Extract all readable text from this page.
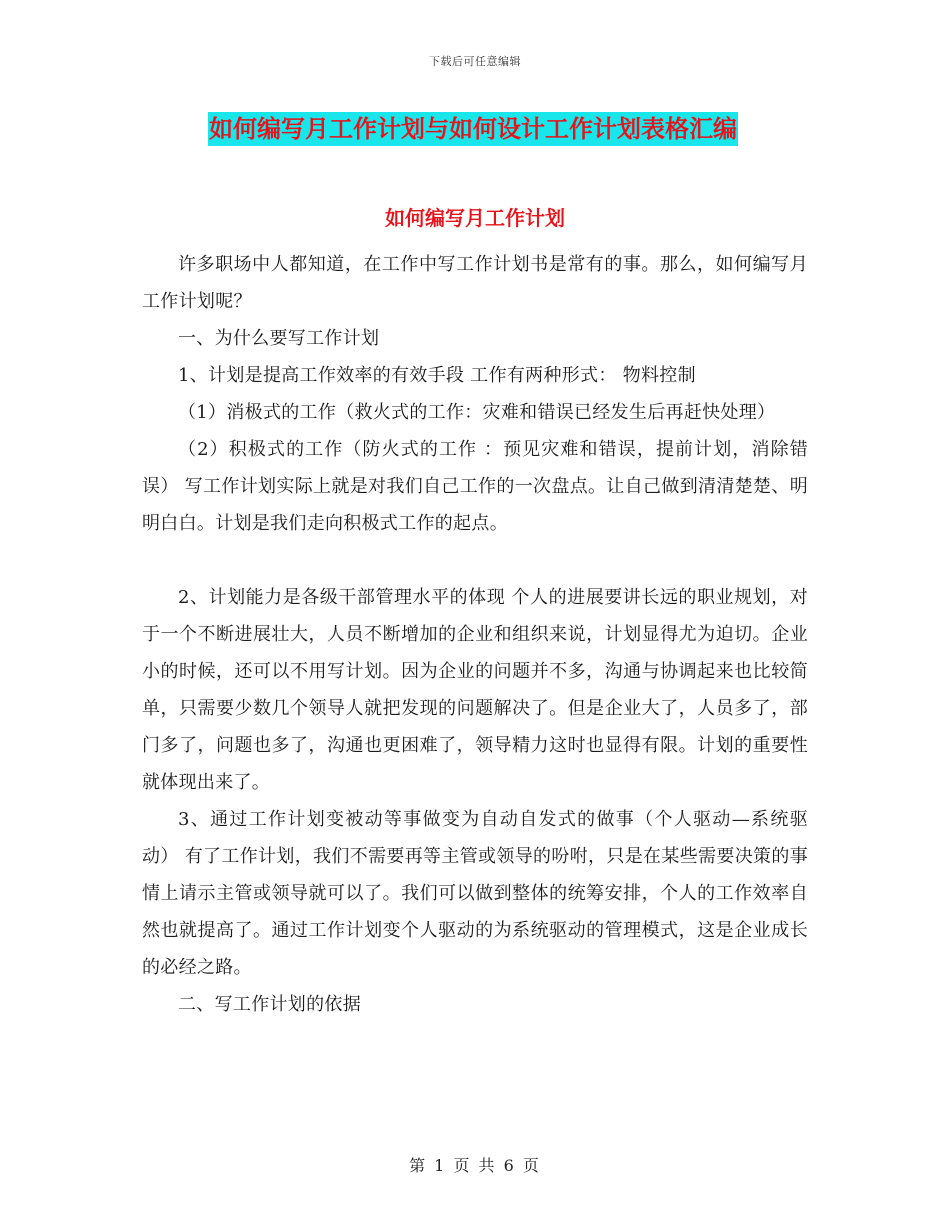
下载后可任意编辑
如何编写月工作计划与如何设计工作计划表格汇编
如何编写月工作计划

许多职场中人都知道，在工作中写工作计划书是常有的事。那么，如何编写月工作计划呢？

一、为什么要写工作计划

1、计划是提高工作效率的有效手段 工作有两种形式： 物料控制

（1）消极式的工作（救火式的工作：灾难和错误已经发生后再赶快处理）

（2）积极式的工作（防火式的工作 ：预见灾难和错误，提前计划，消除错误） 写工作计划实际上就是对我们自己工作的一次盘点。让自己做到清清楚楚、明明白白。计划是我们走向积极式工作的起点。

2、计划能力是各级干部管理水平的体现 个人的进展要讲长远的职业规划，对于一个不断进展壮大，人员不断增加的企业和组织来说，计划显得尤为迫切。企业小的时候，还可以不用写计划。因为企业的问题并不多，沟通与协调起来也比较简单，只需要少数几个领导人就把发现的问题解决了。但是企业大了，人员多了，部门多了，问题也多了，沟通也更困难了，领导精力这时也显得有限。计划的重要性就体现出来了。

3、通过工作计划变被动等事做变为自动自发式的做事（个人驱动—系统驱动） 有了工作计划，我们不需要再等主管或领导的吩咐，只是在某些需要决策的事情上请示主管或领导就可以了。我们可以做到整体的统筹安排，个人的工作效率自然也就提高了。通过工作计划变个人驱动的为系统驱动的管理模式，这是企业成长的必经之路。

二、写工作计划的依据

第 1 页 共 6 页
